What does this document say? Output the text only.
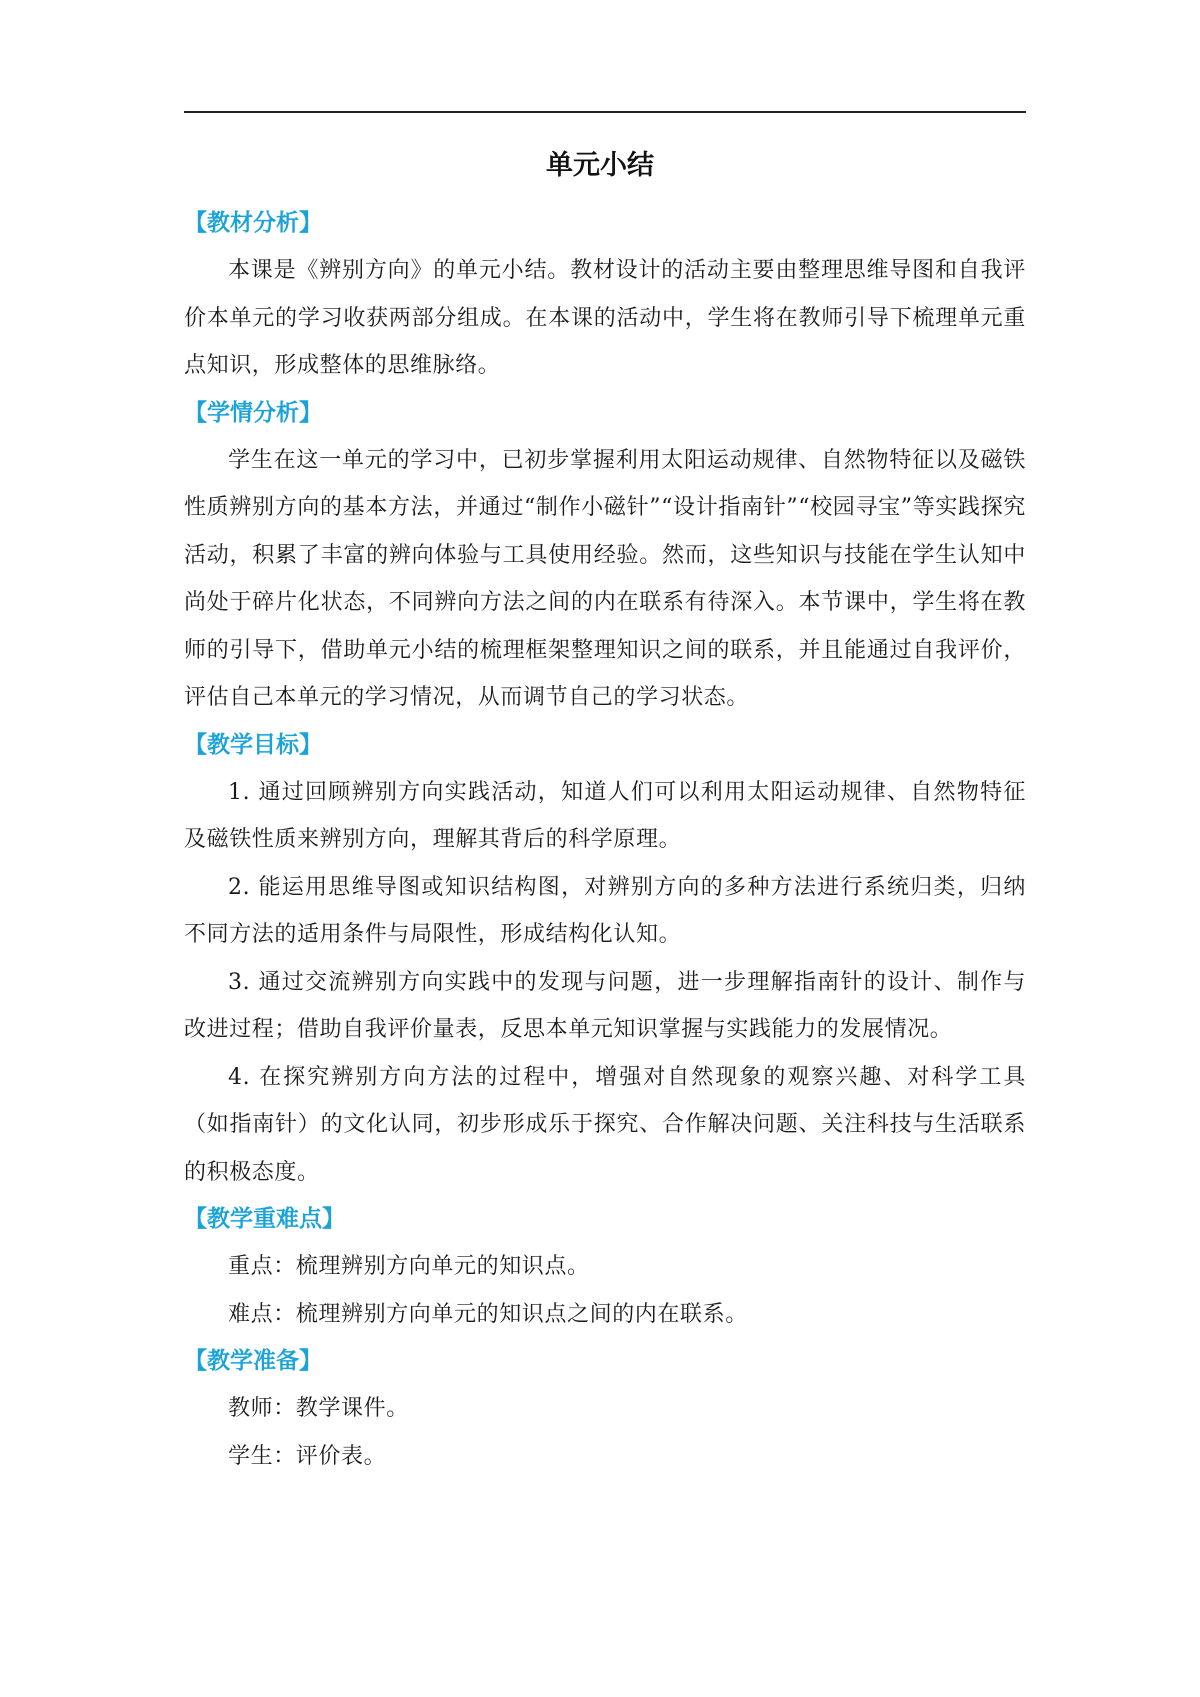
单元小结

【教材分析】

本课是《辨别方向》的单元小结。教材设计的活动主要由整理思维导图和自我评价本单元的学习收获两部分组成。在本课的活动中，学生将在教师引导下梳理单元重点知识，形成整体的思维脉络。

【学情分析】

学生在这一单元的学习中，已初步掌握利用太阳运动规律、自然物特征以及磁铁性质辨别方向的基本方法，并通过“制作小磁针”“设计指南针”“校园寻宝”等实践探究活动，积累了丰富的辨向体验与工具使用经验。然而，这些知识与技能在学生认知中尚处于碎片化状态，不同辨向方法之间的内在联系有待深入。本节课中，学生将在教师的引导下，借助单元小结的梳理框架整理知识之间的联系，并且能通过自我评价，评估自己本单元的学习情况，从而调节自己的学习状态。

【教学目标】

1. 通过回顾辨别方向实践活动，知道人们可以利用太阳运动规律、自然物特征及磁铁性质来辨别方向，理解其背后的科学原理。

2. 能运用思维导图或知识结构图，对辨别方向的多种方法进行系统归类，归纳不同方法的适用条件与局限性，形成结构化认知。

3. 通过交流辨别方向实践中的发现与问题，进一步理解指南针的设计、制作与改进过程；借助自我评价量表，反思本单元知识掌握与实践能力的发展情况。

4. 在探究辨别方向方法的过程中，增强对自然现象的观察兴趣、对科学工具（如指南针）的文化认同，初步形成乐于探究、合作解决问题、关注科技与生活联系的积极态度。

【教学重难点】

重点：梳理辨别方向单元的知识点。

难点：梳理辨别方向单元的知识点之间的内在联系。

【教学准备】

教师：教学课件。

学生：评价表。
